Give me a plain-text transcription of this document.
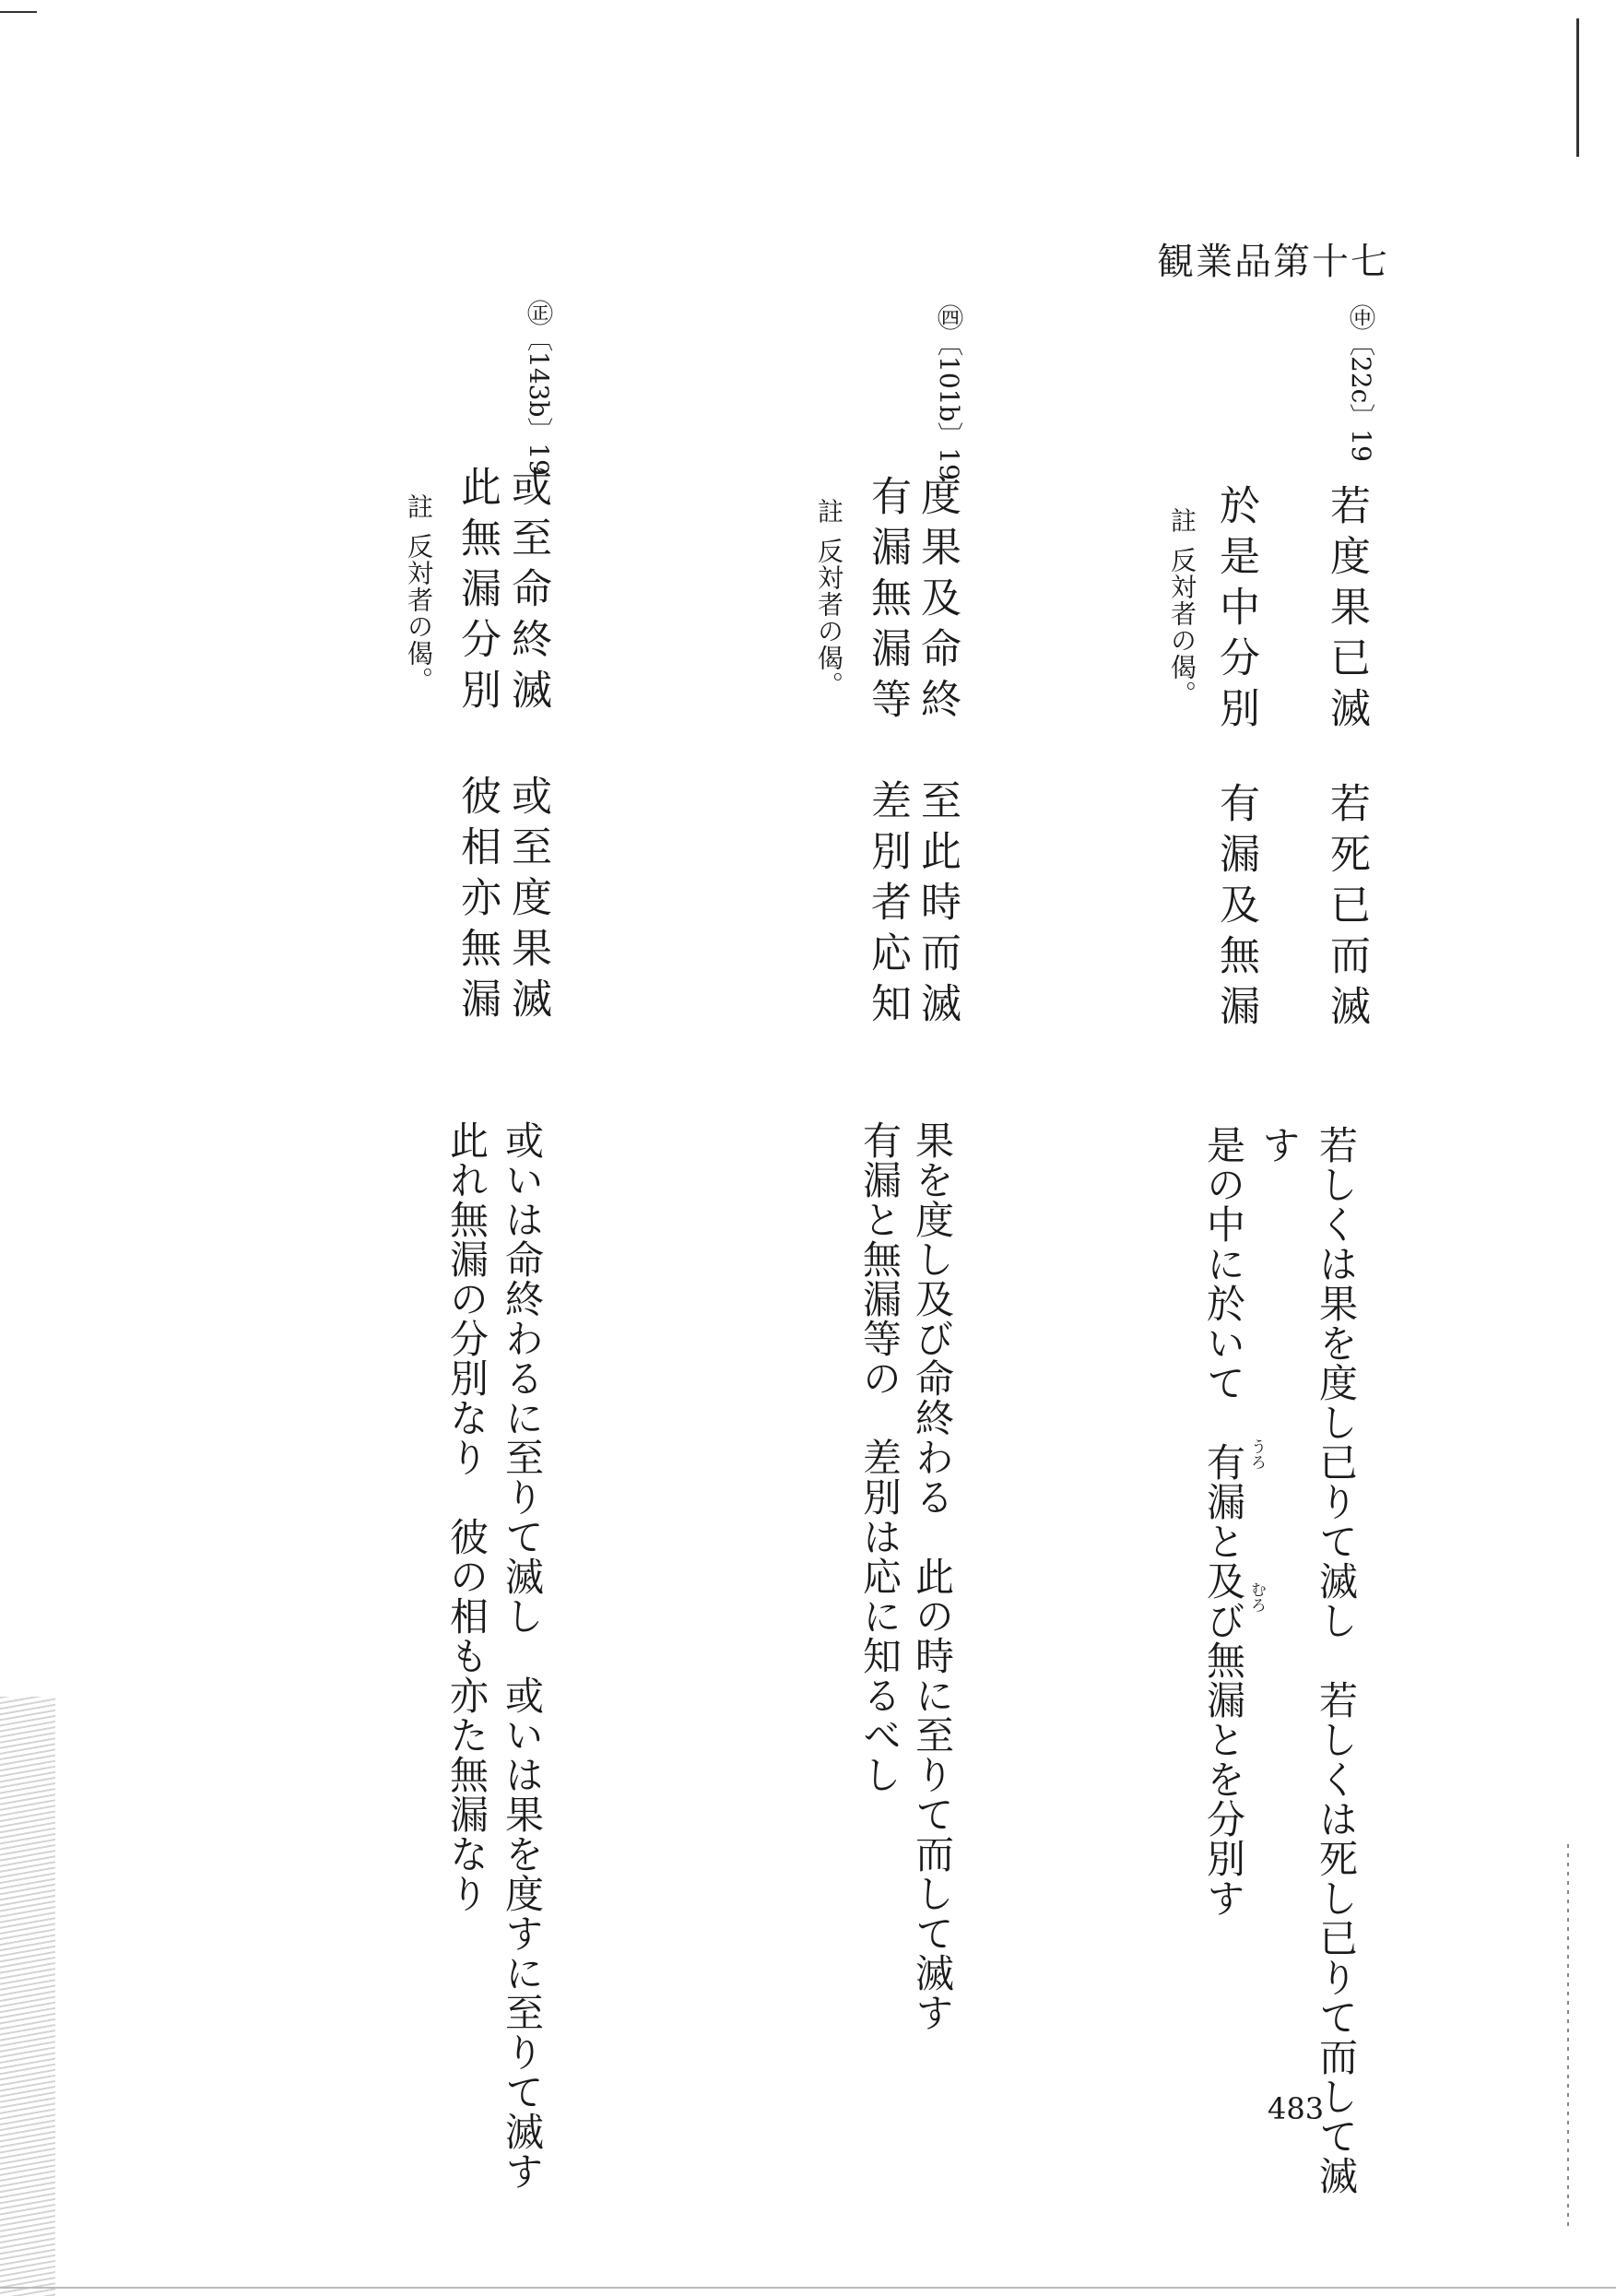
観業品第十七
㊥〔22c〕19
若度果已滅
若死已而滅
於是中分別
有漏及無漏
註反対者の偈。
若しくは果を度し已りて滅し　若しくは死し已りて而して滅
す
是の中に於いて　有漏と及び無漏とを分別す うろ
むろ
㊃〔101b〕19
度果及命終
至此時而滅
有漏無漏等
差別者応知
註反対者の偈。
果を度し及び命終わる　此の時に至りて而して滅す
有漏と無漏等の　差別は応に知るべし
㊣〔143b〕19
或至命終滅
或至度果滅
此無漏分別
彼相亦無漏
註反対者の偈。
或いは命終わるに至りて滅し　或いは果を度すに至りて滅す
此れ無漏の分別なり　彼の相も亦た無漏なり
483
